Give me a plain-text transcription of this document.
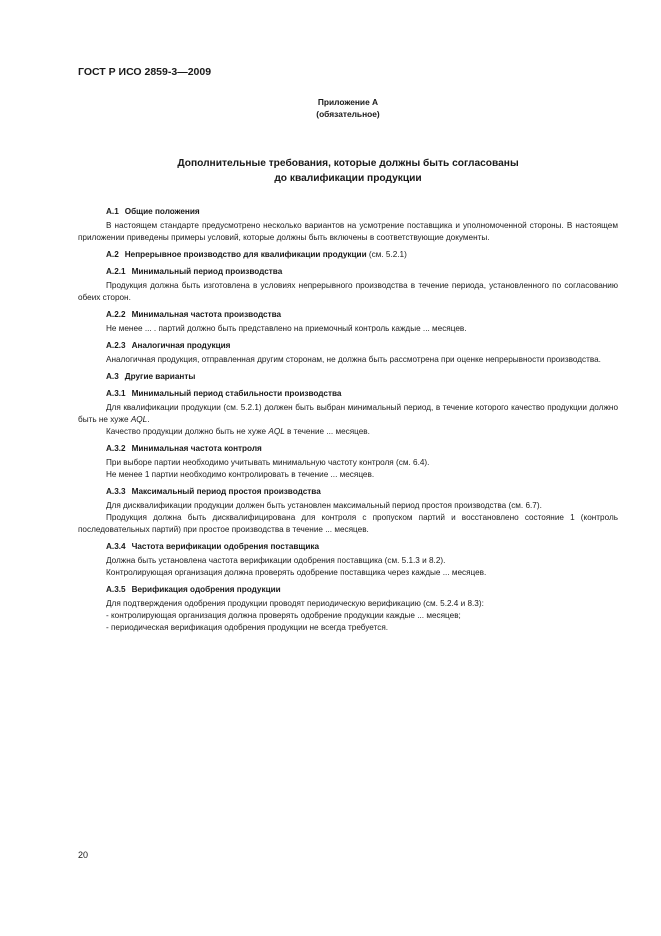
ГОСТ Р ИСО 2859-3—2009
Приложение А
(обязательное)
Дополнительные требования, которые должны быть согласованы
до квалификации продукции
А.1 Общие положения
В настоящем стандарте предусмотрено несколько вариантов на усмотрение поставщика и уполномоченной стороны. В настоящем приложении приведены примеры условий, которые должны быть включены в соответствующие документы.
А.2 Непрерывное производство для квалификации продукции (см. 5.2.1)
А.2.1 Минимальный период производства
Продукция должна быть изготовлена в условиях непрерывного производства в течение периода, установленного по согласованию обеих сторон.
А.2.2 Минимальная частота производства
Не менее ... . партий должно быть представлено на приемочный контроль каждые ... месяцев.
А.2.3 Аналогичная продукция
Аналогичная продукция, отправленная другим сторонам, не должна быть рассмотрена при оценке непрерывности производства.
А.3 Другие варианты
А.3.1 Минимальный период стабильности производства
Для квалификации продукции (см. 5.2.1) должен быть выбран минимальный период, в течение которого качество продукции должно быть не хуже AQL.
Качество продукции должно быть не хуже AQL в течение ... месяцев.
А.3.2 Минимальная частота контроля
При выборе партии необходимо учитывать минимальную частоту контроля (см. 6.4).
Не менее 1 партии необходимо контролировать в течение ... месяцев.
А.3.3 Максимальный период простоя производства
Для дисквалификации продукции должен быть установлен максимальный период простоя производства (см. 6.7).
Продукция должна быть дисквалифицирована для контроля с пропуском партий и восстановлено состояние 1 (контроль последовательных партий) при простое производства в течение ... месяцев.
А.3.4 Частота верификации одобрения поставщика
Должна быть установлена частота верификации одобрения поставщика (см. 5.1.3 и 8.2).
Контролирующая организация должна проверять одобрение поставщика через каждые ... месяцев.
А.3.5 Верификация одобрения продукции
Для подтверждения одобрения продукции проводят периодическую верификацию (см. 5.2.4 и 8.3):
- контролирующая организация должна проверять одобрение продукции каждые ... месяцев;
- периодическая верификация одобрения продукции не всегда требуется.
20
